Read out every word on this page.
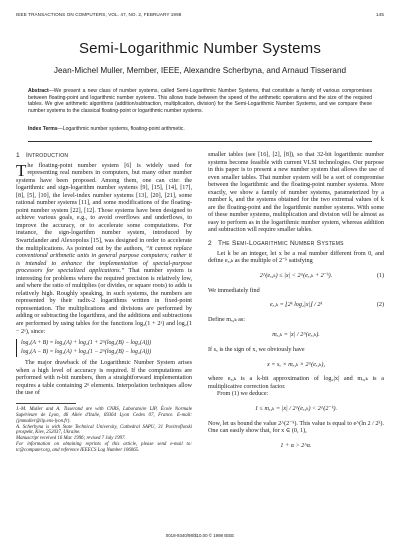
IEEE TRANSACTIONS ON COMPUTERS, VOL. 47, NO. 2, FEBRUARY 1998	145
Semi-Logarithmic Number Systems
Jean-Michel Muller, Member, IEEE, Alexandre Scherbyna, and Arnaud Tisserand
Abstract—We present a new class of number systems, called Semi-Logarithmic Number Systems, that constitute a family of various compromises between floating-point and logarithmic number systems. This allows trade between the speed of the arithmetic operations and the size of the required tables. We give arithmetic algorithms (addition/subtraction, multiplication, division) for the Semi-Logarithmic Number Systems, and we compare these number systems to the classical floating-point or logarithmic number systems.
Index Terms—Logarithmic number systems, floating-point arithmetic.
1 Introduction

The floating-point number system [6] is widely used for representing real numbers in computers, but many other number systems have been proposed. Among them, one can cite: the logarithmic and sign-logarithm number systems [9], [15], [14], [17], [8], [5], [10], the level-index number systems [13], [20], [21], some rational number systems [11], and some modifications of the floating-point number system [22], [12]. Those systems have been designed to achieve various goals, e.g., to avoid overflows and underflows, to improve the accuracy, or to accelerate some computations. For instance, the sign-logarithm number system, introduced by Swartzlander and Alexopolus [15], was designed in order to accelerate the multiplications. As pointed out by the authors, “it cannot replace conventional arithmetic units in general purpose computers; rather it is intended to enhance the implementation of special-purpose processors for specialized applications.” That number system is interesting for problems where the required precision is relatively low, and where the ratio of multiplies (or divides, or square roots) to adds is relatively high. Roughly speaking, in such systems, the numbers are represented by their radix-2 logarithms written in fixed-point representation. The multiplications and divisions are performed by adding or subtracting the logarithms, and the additions and subtractions are performed by using tables for the functions log₂(1 + 2ˣ) and log₂(1 − 2ˣ), since:

log₂(A + B) = log₂(A) + log₂(1 + 2^(log₂(B) − log₂(A)))
log₂(A − B) = log₂(A) + log₂(1 − 2^(log₂(B) − log₂(A)))

The major drawback of the Logarithmic Number System arises when a high level of accuracy is required. If the computations are performed with n-bit numbers, then a straightforward implementation requires a table containing 2ⁿ elements. Interpolation techniques allow the use of

J.-M. Muller and A. Tisserand are with CNRS, Laboratoire LIP, École Normale Supérieure de Lyon, 46 Allée d'Italie, 69364 Lyon Cedex 07, France. E-mail: {jmmuller@lip.ens-lyon.fr}.

A. Scherbyna is with State Technical University, Cathedral SAPU, 31 Povitroflotski prospekt, Kiev, 252037, Ukraine.

Manuscript received 16 Mar. 1996; revised 7 July 1997.

For information on obtaining reprints of this article, please send e-mail to: tc@computer.org, and reference IEEECS Log Number 106065.

smaller tables (see [16], [2], [8]), so that 32-bit logarithmic number systems become feasible with current VLSI technologies. Our purpose in this paper is to present a new number system that allows the use of even smaller tables. That number system will be a sort of compromise between the logarithmic and the floating-point number systems. More exactly, we show a family of number systems, parameterized by a number k, and the systems obtained for the two extremal values of k are the floating-point and the logarithmic number systems. With some of these number systems, multiplication and division will be almost as easy to perform as in the logarithmic number system, whereas addition and subtraction will require smaller tables.

2 The Semi-Logarithmic Number Systems

Let k be an integer, let x be a real number different from 0, and define eₓ,ₖ as the multiple of 2⁻ᵏ satisfying

2^(eₓ,ₖ) ≤ |x| < 2^(eₓ,ₖ + 2⁻ᵏ).	(1)

We immediately find

eₓ,ₖ = ⌊2ᵏ log₂|x|⌋ / 2ᵏ	(2)

Define mₓ,ₖ as:

mₓ,ₖ = |x| / 2^(eₓ,ₖ).

If sₓ is the sign of x, we obviously have

x = sₓ × mₓ,ₖ × 2^(eₓ,ₖ),

where eₓ,ₖ is a k-bit approximation of log₂|x| and mₓ,ₖ is a multiplicative correction factor.

From (1) we deduce:

1 ≤ mₓ,ₖ = |x| / 2^(eₓ,ₖ) < 2^(2⁻ᵏ).

Now, let us bound the value 2^(2⁻ᵏ). This value is equal to e^(ln 2 / 2ᵏ). One can easily show that, for x ∈ (0, 1),

1 + α > 2^α.
0018-9340/98/$10.00 © 1998 IEEE
